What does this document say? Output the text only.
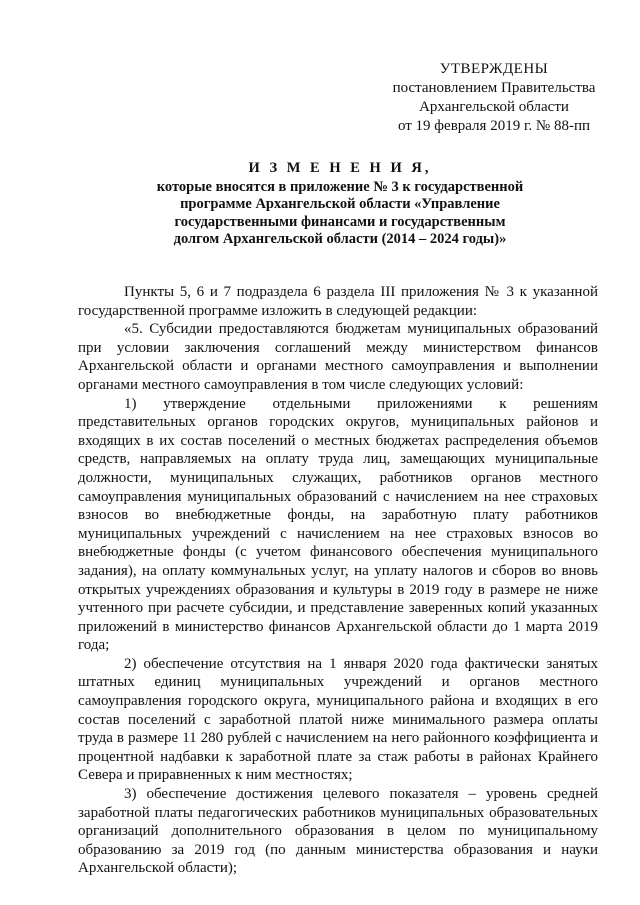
УТВЕРЖДЕНЫ
постановлением Правительства
Архангельской области
от 19 февраля 2019 г. № 88-пп
И З М Е Н Е Н И Я,
которые вносятся в приложение № 3 к государственной
программе Архангельской области «Управление
государственными финансами и государственным
долгом Архангельской области (2014 – 2024 годы)»

Пункты 5, 6 и 7 подраздела 6 раздела III приложения № 3 к указанной государственной программе изложить в следующей редакции:

«5. Субсидии предоставляются бюджетам муниципальных образований при условии заключения соглашений между министерством финансов Архангельской области и органами местного самоуправления и выполнении органами местного самоуправления в том числе следующих условий:

1) утверждение отдельными приложениями к решениям представительных органов городских округов, муниципальных районов и входящих в их состав поселений о местных бюджетах распределения объемов средств, направляемых на оплату труда лиц, замещающих муниципальные должности, муниципальных служащих, работников органов местного самоуправления муниципальных образований с начислением на нее страховых взносов во внебюджетные фонды, на заработную плату работников муниципальных учреждений с начислением на нее страховых взносов во внебюджетные фонды (с учетом финансового обеспечения муниципального задания), на оплату коммунальных услуг, на уплату налогов и сборов во вновь открытых учреждениях образования и культуры в 2019 году в размере не ниже учтенного при расчете субсидии, и представление заверенных копий указанных приложений в министерство финансов Архангельской области до 1 марта 2019 года;

2) обеспечение отсутствия на 1 января 2020 года фактически занятых штатных единиц муниципальных учреждений и органов местного самоуправления городского округа, муниципального района и входящих в его состав поселений с заработной платой ниже минимального размера оплаты труда в размере 11 280 рублей с начислением на него районного коэффициента и процентной надбавки к заработной плате за стаж работы в районах Крайнего Севера и приравненных к ним местностях;

3) обеспечение достижения целевого показателя – уровень средней заработной платы педагогических работников муниципальных образовательных организаций дополнительного образования в целом по муниципальному образованию за 2019 год (по данным министерства образования и науки Архангельской области);
